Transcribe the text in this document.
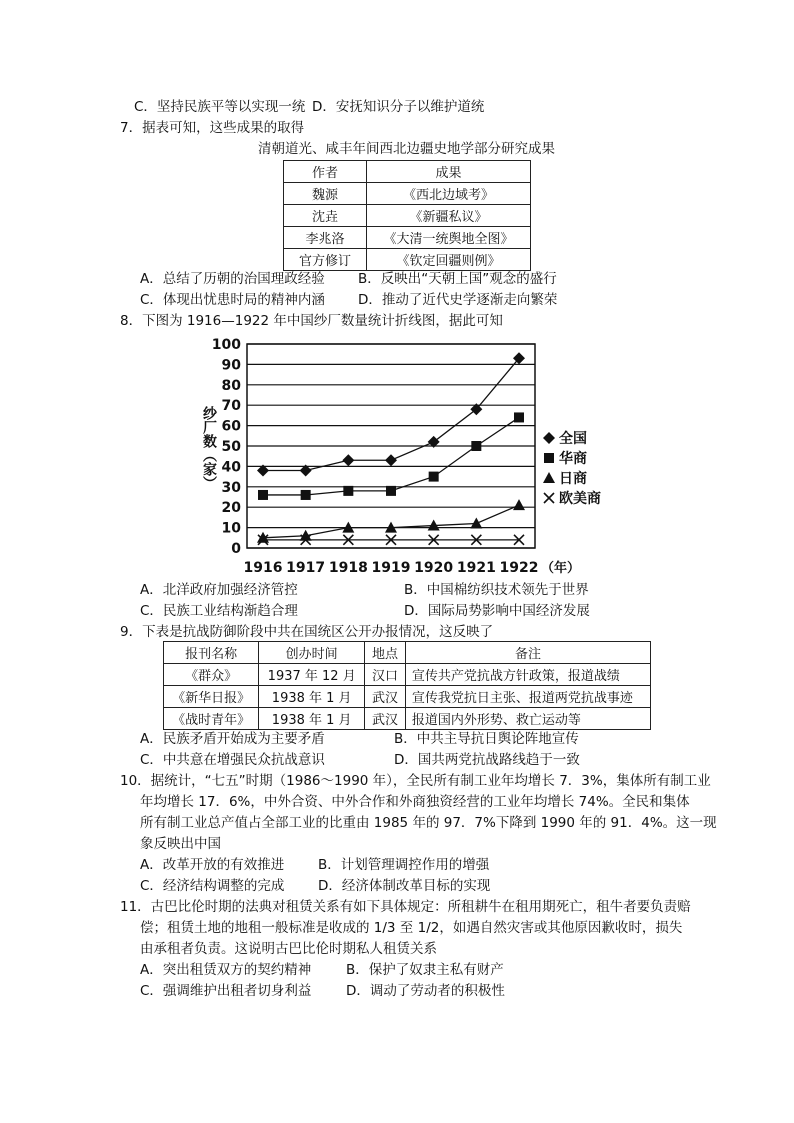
C．坚持民族平等以实现一统 D．安抚知识分子以维护道统
7．据表可知，这些成果的取得
清朝道光、咸丰年间西北边疆史地学部分研究成果
作者	成果
魏源	《西北边域考》
沈垚	《新疆私议》
李兆洛	《大清一统舆地全图》
官方修订	《钦定回疆则例》
A．总结了历朝的治国理政经验 B．反映出“天朝上国”观念的盛行
C．体现出忧患时局的精神内涵 D．推动了近代史学逐渐走向繁荣
8．下图为 1916—1922 年中国纱厂数量统计折线图，据此可知
0
10
20
30
40
50
60
70
80
90
100
1916 1917 1918 1919 1920 1921 1922
全国
华商
日商
欧美商
纱厂数（家）
（年）
A．北洋政府加强经济管控	B．中国棉纺织技术领先于世界
C．民族工业结构渐趋合理	D．国际局势影响中国经济发展
9．下表是抗战防御阶段中共在国统区公开办报情况，这反映了
报刊名称	创办时间	地点	备注
《群众》	1937 年 12 月	汉口	宣传共产党抗战方针政策，报道战绩
《新华日报》	1938 年 1 月	武汉	宣传我党抗日主张、报道两党抗战事迹
《战时青年》	1938 年 1 月	武汉	报道国内外形势、救亡运动等
A．民族矛盾开始成为主要矛盾	B．中共主导抗日舆论阵地宣传
C．中共意在增强民众抗战意识	D．国共两党抗战路线趋于一致
10．据统计，“七五”时期（1986～1990 年），全民所有制工业年均增长 7．3%，集体所有制工业
年均增长 17．6%，中外合资、中外合作和外商独资经营的工业年均增长 74%。全民和集体
所有制工业总产值占全部工业的比重由 1985 年的 97．7%下降到 1990 年的 91．4%。这一现
象反映出中国
A．改革开放的有效推进	B．计划管理调控作用的增强
C．经济结构调整的完成 D．经济体制改革目标的实现
11．古巴比伦时期的法典对租赁关系有如下具体规定：所租耕牛在租用期死亡，租牛者要负责赔
偿；租赁土地的地租一般标准是收成的 1/3 至 1/2，如遇自然灾害或其他原因歉收时，损失
由承租者负责。这说明古巴比伦时期私人租赁关系
A．突出租赁双方的契约精神	B．保护了奴隶主私有财产
C．强调维护出租者切身利益	D．调动了劳动者的积极性
